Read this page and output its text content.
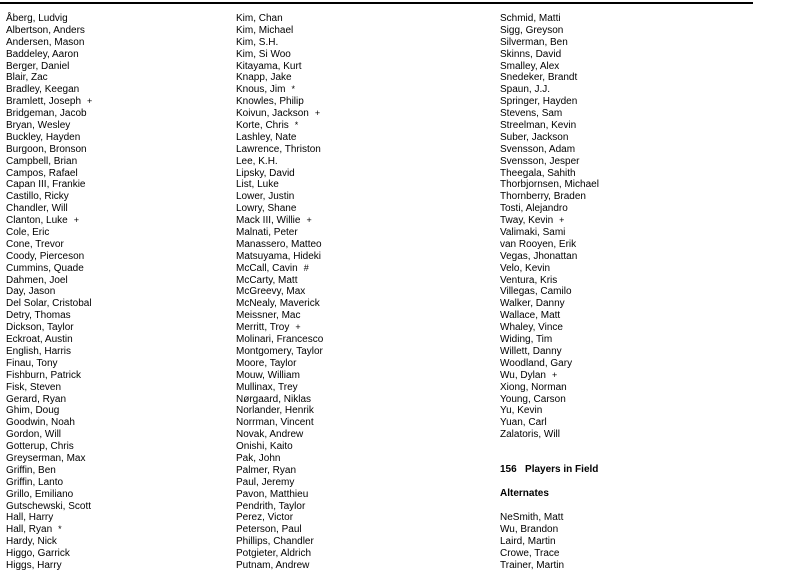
Åberg, Ludvig
Albertson, Anders
Andersen, Mason
Baddeley, Aaron
Berger, Daniel
Blair, Zac
Bradley, Keegan
Bramlett, Joseph +
Bridgeman, Jacob
Bryan, Wesley
Buckley, Hayden
Burgoon, Bronson
Campbell, Brian
Campos, Rafael
Capan III, Frankie
Castillo, Ricky
Chandler, Will
Clanton, Luke +
Cole, Eric
Cone, Trevor
Coody, Pierceson
Cummins, Quade
Dahmen, Joel
Day, Jason
Del Solar, Cristobal
Detry, Thomas
Dickson, Taylor
Eckroat, Austin
English, Harris
Finau, Tony
Fishburn, Patrick
Fisk, Steven
Gerard, Ryan
Ghim, Doug
Goodwin, Noah
Gordon, Will
Gotterup, Chris
Greyserman, Max
Griffin, Ben
Griffin, Lanto
Grillo, Emiliano
Gutschewski, Scott
Hall, Harry
Hall, Ryan *
Hardy, Nick
Higgo, Garrick
Higgs, Harry
Kim, Chan
Kim, Michael
Kim, S.H.
Kim, Si Woo
Kitayama, Kurt
Knapp, Jake
Knous, Jim *
Knowles, Philip
Koivun, Jackson +
Korte, Chris *
Lashley, Nate
Lawrence, Thriston
Lee, K.H.
Lipsky, David
List, Luke
Lower, Justin
Lowry, Shane
Mack III, Willie +
Malnati, Peter
Manassero, Matteo
Matsuyama, Hideki
McCall, Cavin #
McCarty, Matt
McGreevy, Max
McNealy, Maverick
Meissner, Mac
Merritt, Troy +
Molinari, Francesco
Montgomery, Taylor
Moore, Taylor
Mouw, William
Mullinax, Trey
Nørgaard, Niklas
Norlander, Henrik
Norrman, Vincent
Novak, Andrew
Onishi, Kaito
Pak, John
Palmer, Ryan
Paul, Jeremy
Pavon, Matthieu
Pendrith, Taylor
Perez, Victor
Peterson, Paul
Phillips, Chandler
Potgieter, Aldrich
Putnam, Andrew
Schmid, Matti
Sigg, Greyson
Silverman, Ben
Skinns, David
Smalley, Alex
Snedeker, Brandt
Spaun, J.J.
Springer, Hayden
Stevens, Sam
Streelman, Kevin
Suber, Jackson
Svensson, Adam
Svensson, Jesper
Theegala, Sahith
Thorbjornsen, Michael
Thornberry, Braden
Tosti, Alejandro
Tway, Kevin +
Valimaki, Sami
van Rooyen, Erik
Vegas, Jhonattan
Velo, Kevin
Ventura, Kris
Villegas, Camilo
Walker, Danny
Wallace, Matt
Whaley, Vince
Widing, Tim
Willett, Danny
Woodland, Gary
Wu, Dylan +
Xiong, Norman
Young, Carson
Yu, Kevin
Yuan, Carl
Zalatoris, Will
156 Players in Field
Alternates
NeSmith, Matt
Wu, Brandon
Laird, Martin
Crowe, Trace
Trainer, Martin
